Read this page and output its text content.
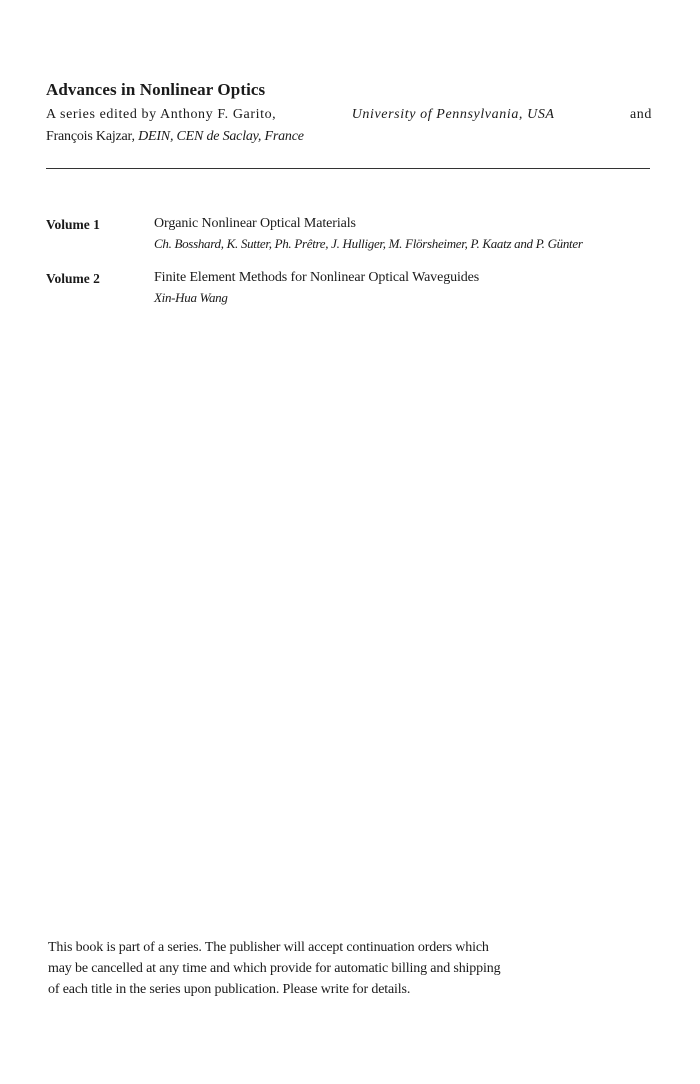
Advances in Nonlinear Optics
A series edited by Anthony F. Garito,	University of Pennsylvania, USA	and
François Kajzar, DEIN, CEN de Saclay, France
Volume 1	Organic Nonlinear Optical Materials
Ch. Bosshard, K. Sutter, Ph. Prêtre, J. Hulliger, M. Flörsheimer, P. Kaatz and P. Günter
Volume 2	Finite Element Methods for Nonlinear Optical Waveguides
Xin-Hua Wang
This book is part of a series. The publisher will accept continuation orders which
may be cancelled at any time and which provide for automatic billing and shipping
of each title in the series upon publication. Please write for details.
